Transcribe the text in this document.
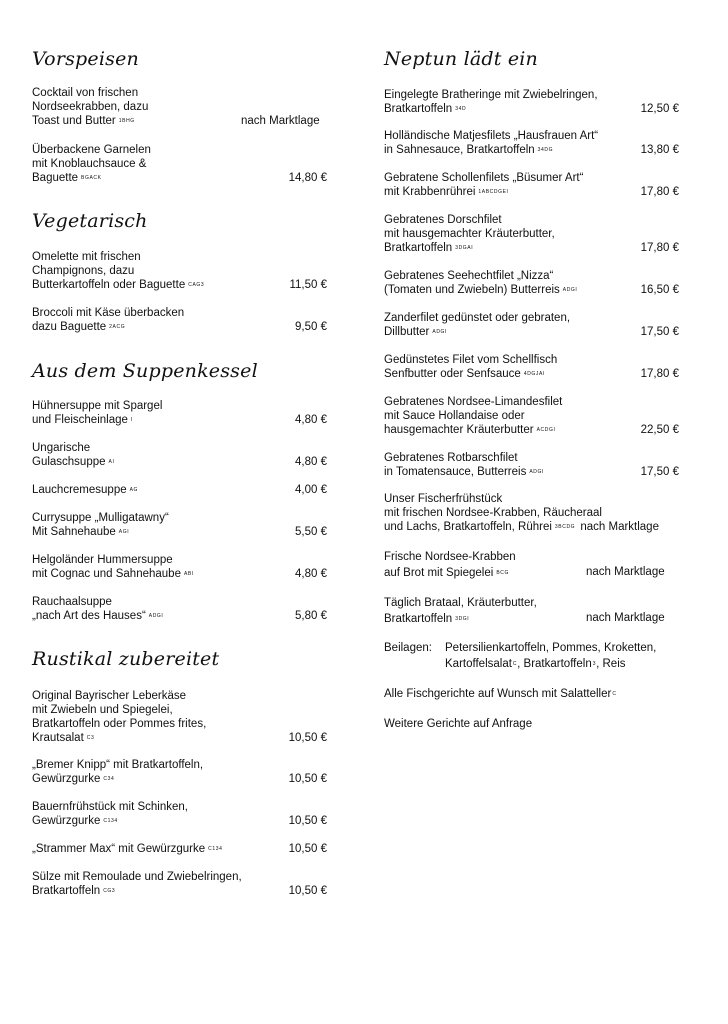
Vorspeisen
Cocktail von frischen
Nordseekrabben, dazu
Toast und Butter $^{1BHG}$	nach Marktlage
Überbackene Garnelen
mit Knoblauchsauce &
Baguette $^{BGACK}$	14,80 €
Vegetarisch
Omelette mit frischen
Champignons, dazu
Butterkartoffeln oder Baguette $^{CAG3}$	11,50 €
Broccoli mit Käse überbacken
dazu Baguette $^{2ACG}$	9,50 €
Aus dem Suppenkessel
Hühnersuppe mit Spargel
und Fleischeinlage $^I$	4,80 €
Ungarische
Gulaschsuppe $^{AI}$	4,80 €
Lauchcremesuppe $^{AG}$	4,00 €
Currysuppe „Mulligatawny“
Mit Sahnehaube $^{AGI}$	5,50 €
Helgoländer Hummersuppe
mit Cognac und Sahnehaube $^{ABI}$	4,80 €
Rauchaalsuppe
„nach Art des Hauses“ $^{ADGI}$	5,80 €
Rustikal zubereitet
Original Bayrischer Leberkäse
mit Zwiebeln und Spiegelei,
Bratkartoffeln oder Pommes frites,
Krautsalat $^{C3}$	10,50 €
„Bremer Knipp“ mit Bratkartoffeln,
Gewürzgurke $^{C34}$	10,50 €
Bauernfrühstück mit Schinken,
Gewürzgurke $^{C134}$	10,50 €
„Strammer Max“ mit Gewürzgurke $^{C134}$	10,50 €
Sülze mit Remoulade und Zwiebelringen,
Bratkartoffeln $^{CG3}$	10,50 €
Neptun lädt ein
Eingelegte Bratheringe mit Zwiebelringen,
Bratkartoffeln $^{34D}$	12,50 €
Holländische Matjesfilets „Hausfrauen Art“
in Sahnesauce, Bratkartoffeln $^{34DG}$	13,80 €
Gebratene Schollenfilets „Büsumer Art“
mit Krabbenrührei $^{1ABCDGEI}$	17,80 €
Gebratenes Dorschfilet
mit hausgemachter Kräuterbutter,
Bratkartoffeln $^{3DGAI}$	17,80 €
Gebratenes Seehechtfilet „Nizza“
(Tomaten und Zwiebeln) Butterreis $^{ADGI}$	16,50 €
Zanderfilet gedünstet oder gebraten,
Dillbutter $^{ADGI}$	17,50 €
Gedünstetes Filet vom Schellfisch
Senfbutter oder Senfsauce $^{4DGJAI}$	17,80 €
Gebratenes Nordsee-Limandesfilet
mit Sauce Hollandaise oder
hausgemachter Kräuterbutter $^{ACDGI}$	22,50 €
Gebratenes Rotbarschfilet
in Tomatensauce, Butterreis $^{ADGI}$	17,50 €
Unser Fischerfrühstück
mit frischen Nordsee-Krabben, Räucheraal
und Lachs, Bratkartoffeln, Rührei $^{3BCDG}$ nach Marktlage
Frische Nordsee-Krabben
auf Brot mit Spiegelei $^{BCG}$	nach Marktlage
Täglich Brataal, Kräuterbutter,
Bratkartoffeln $^{3DGI}$	nach Marktlage
Beilagen: Petersilienkartoffeln, Pommes, Kroketten,
Kartoffelsalat$^C$, Bratkartoffeln$^3$, Reis
Alle Fischgerichte auf Wunsch mit Salatteller$^C$
Weitere Gerichte auf Anfrage
